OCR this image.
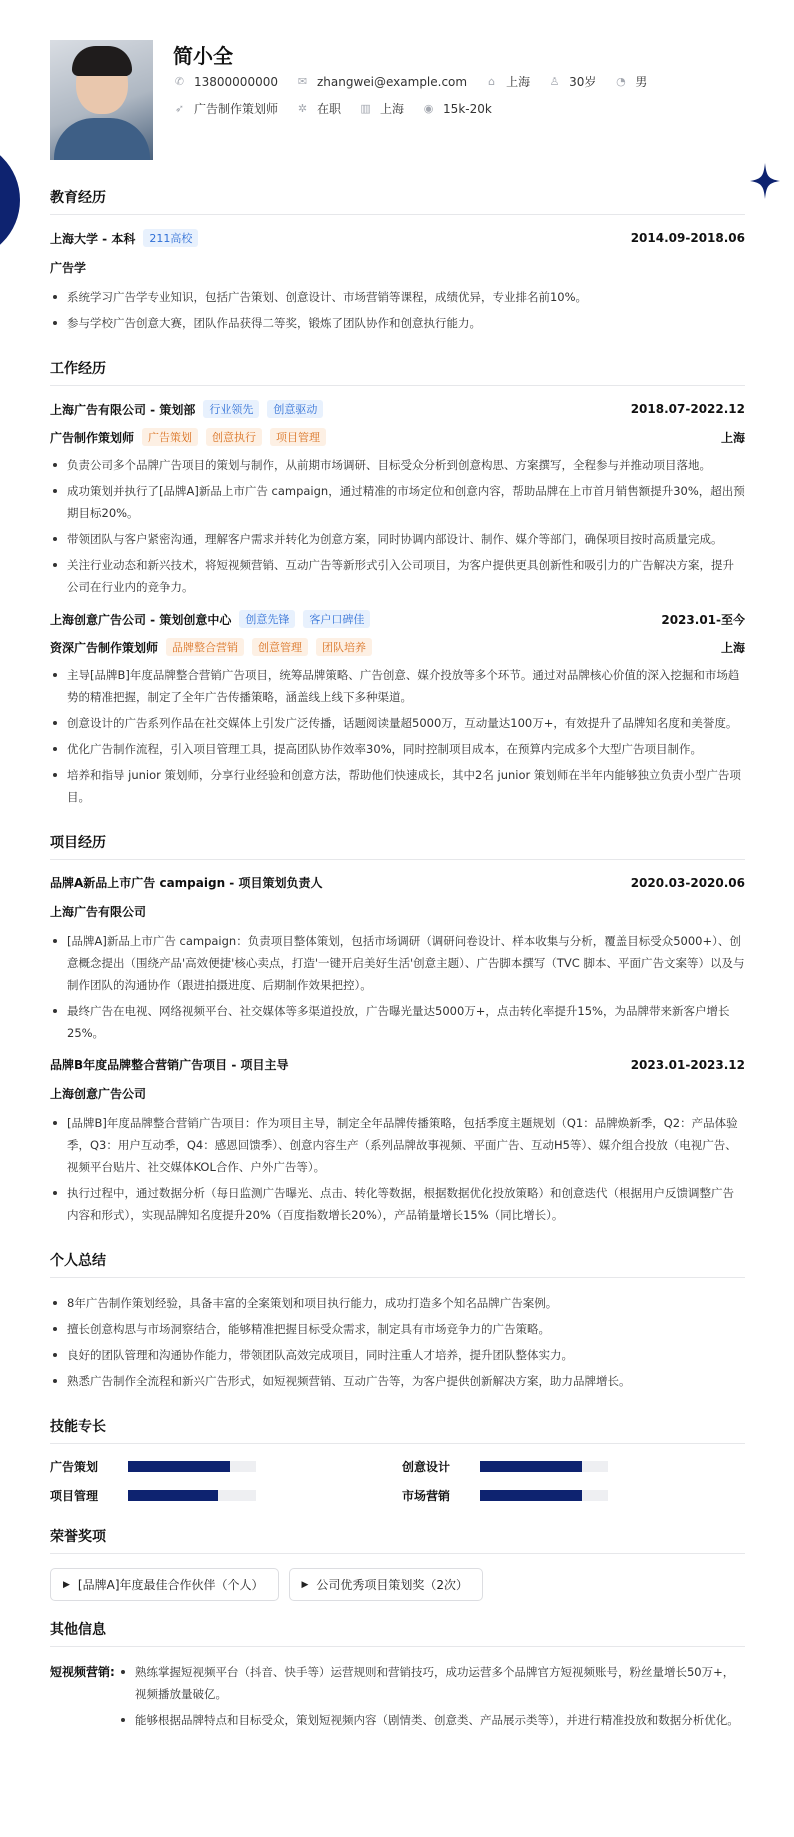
简小全
✆ 13800000000 ✉ zhangwei@example.com ⌂ 上海 ♙ 30岁 ◔ 男
➶ 广告制作策划师 ✲ 在职 ▥ 上海 ◉ 15k-20k
教育经历
上海大学 - 本科	211高校	2014.09-2018.06
广告学
系统学习广告学专业知识，包括广告策划、创意设计、市场营销等课程，成绩优异，专业排名前10%。
参与学校广告创意大赛，团队作品获得二等奖，锻炼了团队协作和创意执行能力。
工作经历
上海广告有限公司 - 策划部	行业领先	创意驱动	2018.07-2022.12
广告制作策划师	广告策划	创意执行	项目管理	上海
负责公司多个品牌广告项目的策划与制作，从前期市场调研、目标受众分析到创意构思、方案撰写，全程参与并推动项目落地。
成功策划并执行了[品牌A]新品上市广告 campaign，通过精准的市场定位和创意内容，帮助品牌在上市首月销售额提升30%，超出预期目标20%。
带领团队与客户紧密沟通，理解客户需求并转化为创意方案，同时协调内部设计、制作、媒介等部门，确保项目按时高质量完成。
关注行业动态和新兴技术，将短视频营销、互动广告等新形式引入公司项目，为客户提供更具创新性和吸引力的广告解决方案，提升公司在行业内的竞争力。
上海创意广告公司 - 策划创意中心	创意先锋	客户口碑佳	2023.01-至今
资深广告制作策划师	品牌整合营销	创意管理	团队培养	上海
主导[品牌B]年度品牌整合营销广告项目，统筹品牌策略、广告创意、媒介投放等多个环节。通过对品牌核心价值的深入挖掘和市场趋势的精准把握，制定了全年广告传播策略，涵盖线上线下多种渠道。
创意设计的广告系列作品在社交媒体上引发广泛传播，话题阅读量超5000万，互动量达100万+，有效提升了品牌知名度和美誉度。
优化广告制作流程，引入项目管理工具，提高团队协作效率30%，同时控制项目成本，在预算内完成多个大型广告项目制作。
培养和指导 junior 策划师，分享行业经验和创意方法，帮助他们快速成长，其中2名 junior 策划师在半年内能够独立负责小型广告项目。
项目经历
品牌A新品上市广告 campaign - 项目策划负责人	2020.03-2020.06
上海广告有限公司
[品牌A]新品上市广告 campaign：负责项目整体策划，包括市场调研（调研问卷设计、样本收集与分析，覆盖目标受众5000+）、创意概念提出（围绕产品'高效便捷'核心卖点，打造'一键开启美好生活'创意主题）、广告脚本撰写（TVC 脚本、平面广告文案等）以及与制作团队的沟通协作（跟进拍摄进度、后期制作效果把控）。
最终广告在电视、网络视频平台、社交媒体等多渠道投放，广告曝光量达5000万+，点击转化率提升15%，为品牌带来新客户增长25%。
品牌B年度品牌整合营销广告项目 - 项目主导	2023.01-2023.12
上海创意广告公司
[品牌B]年度品牌整合营销广告项目：作为项目主导，制定全年品牌传播策略，包括季度主题规划（Q1：品牌焕新季，Q2：产品体验季，Q3：用户互动季，Q4：感恩回馈季）、创意内容生产（系列品牌故事视频、平面广告、互动H5等）、媒介组合投放（电视广告、视频平台贴片、社交媒体KOL合作、户外广告等）。
执行过程中，通过数据分析（每日监测广告曝光、点击、转化等数据，根据数据优化投放策略）和创意迭代（根据用户反馈调整广告内容和形式），实现品牌知名度提升20%（百度指数增长20%），产品销量增长15%（同比增长）。
个人总结
8年广告制作策划经验，具备丰富的全案策划和项目执行能力，成功打造多个知名品牌广告案例。
擅长创意构思与市场洞察结合，能够精准把握目标受众需求，制定具有市场竞争力的广告策略。
良好的团队管理和沟通协作能力，带领团队高效完成项目，同时注重人才培养，提升团队整体实力。
熟悉广告制作全流程和新兴广告形式，如短视频营销、互动广告等，为客户提供创新解决方案，助力品牌增长。
技能专长
广告策划	创意设计
项目管理	市场营销
荣誉奖项
▶ [品牌A]年度最佳合作伙伴（个人）	▶ 公司优秀项目策划奖（2次）
其他信息
短视频营销:	熟练掌握短视频平台（抖音、快手等）运营规则和营销技巧，成功运营多个品牌官方短视频账号，粉丝量增长50万+，视频播放量破亿。
能够根据品牌特点和目标受众，策划短视频内容（剧情类、创意类、产品展示类等），并进行精准投放和数据分析优化。
